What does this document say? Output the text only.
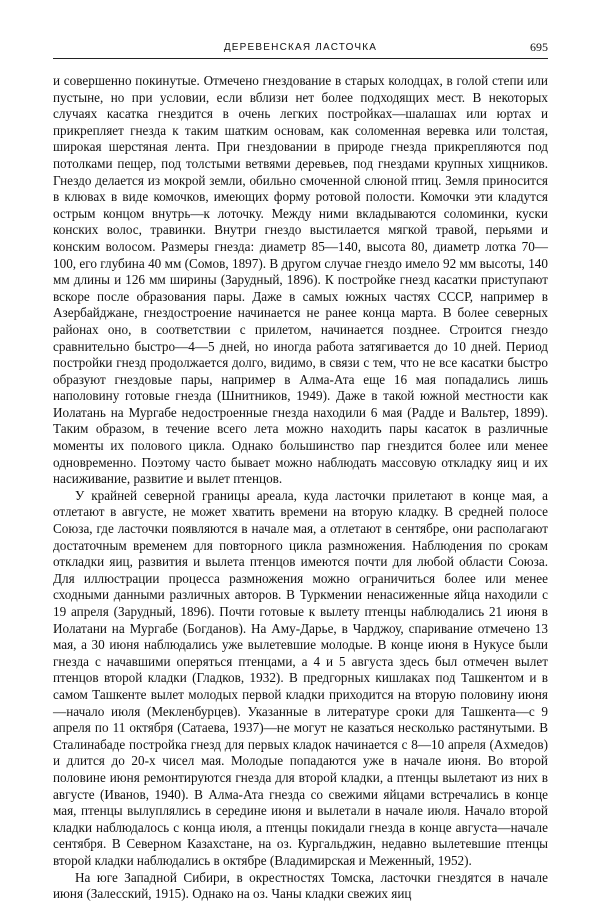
ДЕРЕВЕНСКАЯ ЛАСТОЧКА	695

и совершенно покинутые. Отмечено гнездование в старых колодцах, в голой степи или пустыне, но при условии, если вблизи нет более подходящих мест. В некоторых случаях касатка гнездится в очень легких постройках—шалашах или юртах и прикрепляет гнезда к таким шатким основам, как соломенная веревка или толстая, широкая шерстяная лента. При гнездовании в природе гнезда прикрепляются под потолками пещер, под толстыми ветвями деревьев, под гнездами крупных хищников. Гнездо делается из мокрой земли, обильно смоченной слюной птиц. Земля приносится в клювах в виде комочков, имеющих форму ротовой полости. Комочки эти кладутся острым концом внутрь—к лоточку. Между ними вкладываются соломинки, куски конских волос, травинки. Внутри гнездо выстилается мягкой травой, перьями и конским волосом. Размеры гнезда: диаметр 85—140, высота 80, диаметр лотка 70—100, его глубина 40 мм (Сомов, 1897). В другом случае гнездо имело 92 мм высоты, 140 мм длины и 126 мм ширины (Зарудный, 1896). К постройке гнезд касатки приступают вскоре после образования пары. Даже в самых южных частях СССР, например в Азербайджане, гнездостроение начинается не ранее конца марта. В более северных районах оно, в соответствии с прилетом, начинается позднее. Строится гнездо сравнительно быстро—4—5 дней, но иногда работа затягивается до 10 дней. Период постройки гнезд продолжается долго, видимо, в связи с тем, что не все касатки быстро образуют гнездовые пары, например в Алма-Ата еще 16 мая попадались лишь наполовину готовые гнезда (Шнитников, 1949). Даже в такой южной местности как Иолатань на Мургабе недостроенные гнезда находили 6 мая (Радде и Вальтер, 1899). Таким образом, в течение всего лета можно находить пары касаток в различные моменты их полового цикла. Однако большинство пар гнездится более или менее одновременно. Поэтому часто бывает можно наблюдать массовую откладку яиц и их насиживание, развитие и вылет птенцов.

У крайней северной границы ареала, куда ласточки прилетают в конце мая, а отлетают в августе, не может хватить времени на вторую кладку. В средней полосе Союза, где ласточки появляются в начале мая, а отлетают в сентябре, они располагают достаточным временем для повторного цикла размножения. Наблюдения по срокам откладки яиц, развития и вылета птенцов имеются почти для любой области Союза. Для иллюстрации процесса размножения можно ограничиться более или менее сходными данными различных авторов. В Туркмении ненасиженные яйца находили с 19 апреля (Зарудный, 1896). Почти готовые к вылету птенцы наблюдались 21 июня в Иолатани на Мургабе (Богданов). На Аму-Дарье, в Чарджоу, спаривание отмечено 13 мая, а 30 июня наблюдались уже вылетевшие молодые. В конце июня в Нукусе были гнезда с начавшими оперяться птенцами, а 4 и 5 августа здесь был отмечен вылет птенцов второй кладки (Гладков, 1932). В предгорных кишлаках под Ташкентом и в самом Ташкенте вылет молодых первой кладки приходится на вторую половину июня—начало июля (Мекленбурцев). Указанные в литературе сроки для Ташкента—с 9 апреля по 11 октября (Сатаева, 1937)—не могут не казаться несколько растянутыми. В Сталинабаде постройка гнезд для первых кладок начинается с 8—10 апреля (Ахмедов) и длится до 20-х чисел мая. Молодые попадаются уже в начале июня. Во второй половине июня ремонтируются гнезда для второй кладки, а птенцы вылетают из них в августе (Иванов, 1940). В Алма-Ата гнезда со свежими яйцами встречались в конце мая, птенцы вылуплялись в середине июня и вылетали в начале июля. Начало второй кладки наблюдалось с конца июля, а птенцы покидали гнезда в конце августа—начале сентября. В Северном Казахстане, на оз. Кургальджин, недавно вылетевшие птенцы второй кладки наблюдались в октябре (Владимирская и Меженный, 1952).

На юге Западной Сибири, в окрестностях Томска, ласточки гнездятся в начале июня (Залесский, 1915). Однако на оз. Чаны кладки свежих яиц
